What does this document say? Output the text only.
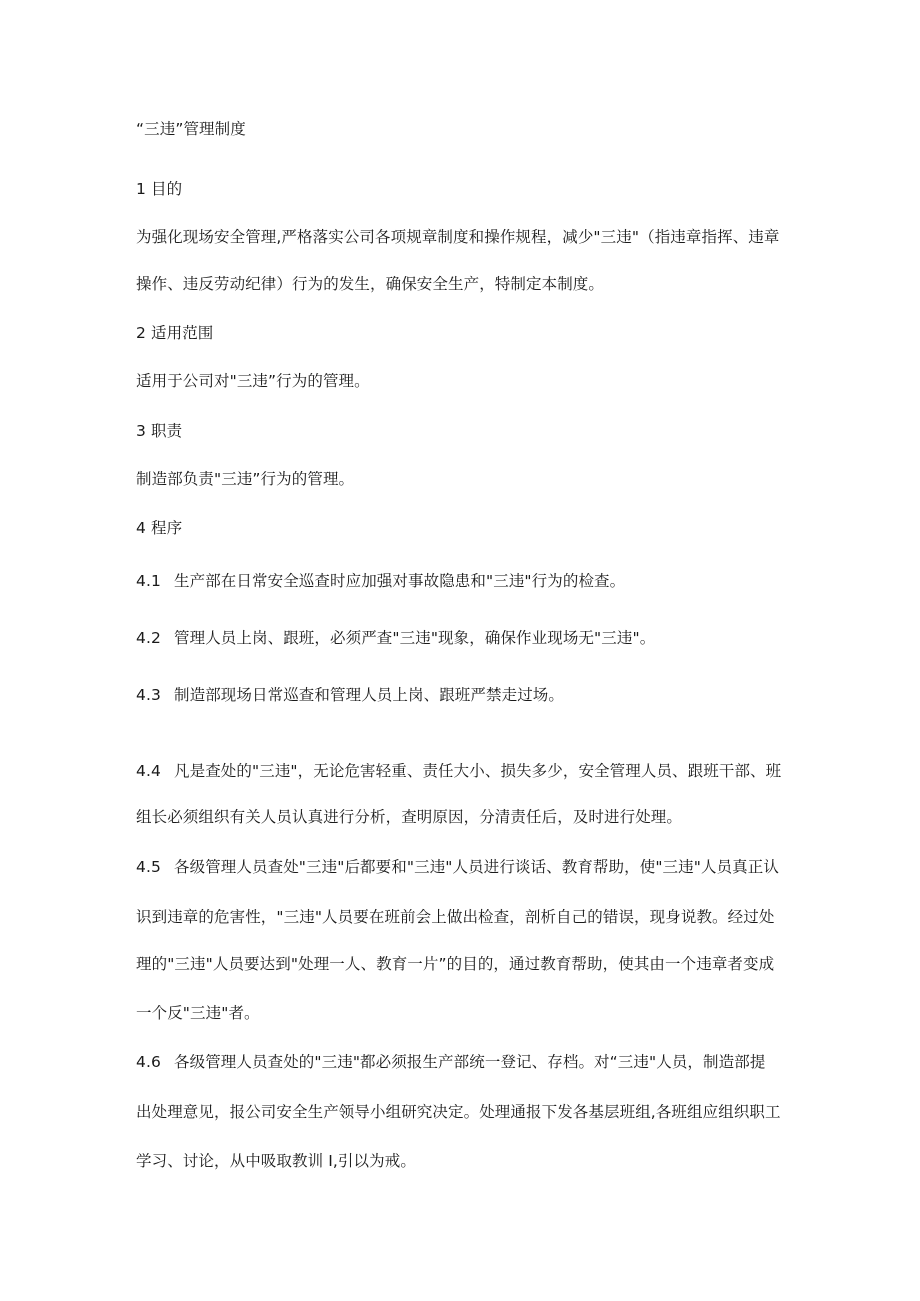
“三违”管理制度

1 目的

为强化现场安全管理,严格落实公司各项规章制度和操作规程，减少"三违"（指违章指挥、违章

操作、违反劳动纪律）行为的发生，确保安全生产，特制定本制度。

2 适用范围

适用于公司对"三违”行为的管理。

3 职责

制造部负责"三违”行为的管理。

4 程序

4.1 生产部在日常安全巡查时应加强对事故隐患和"三违"行为的检查。

4.2 管理人员上岗、跟班，必须严查"三违"现象，确保作业现场无"三违"。

4.3 制造部现场日常巡查和管理人员上岗、跟班严禁走过场。

4.4 凡是查处的"三违"，无论危害轻重、责任大小、损失多少，安全管理人员、跟班干部、班

组长必须组织有关人员认真进行分析，查明原因，分清责任后，及时进行处理。

4.5 各级管理人员查处"三违"后都要和"三违"人员进行谈话、教育帮助，使"三违"人员真正认

识到违章的危害性，"三违"人员要在班前会上做出检查，剖析自己的错误，现身说教。经过处

理的"三违"人员要达到"处理一人、教育一片”的目的，通过教育帮助，使其由一个违章者变成

一个反"三违"者。

4.6 各级管理人员查处的"三违"都必须报生产部统一登记、存档。对“三违"人员，制造部提

出处理意见，报公司安全生产领导小组研究决定。处理通报下发各基层班组,各班组应组织职工

学习、讨论，从中吸取教训 I,引以为戒。
